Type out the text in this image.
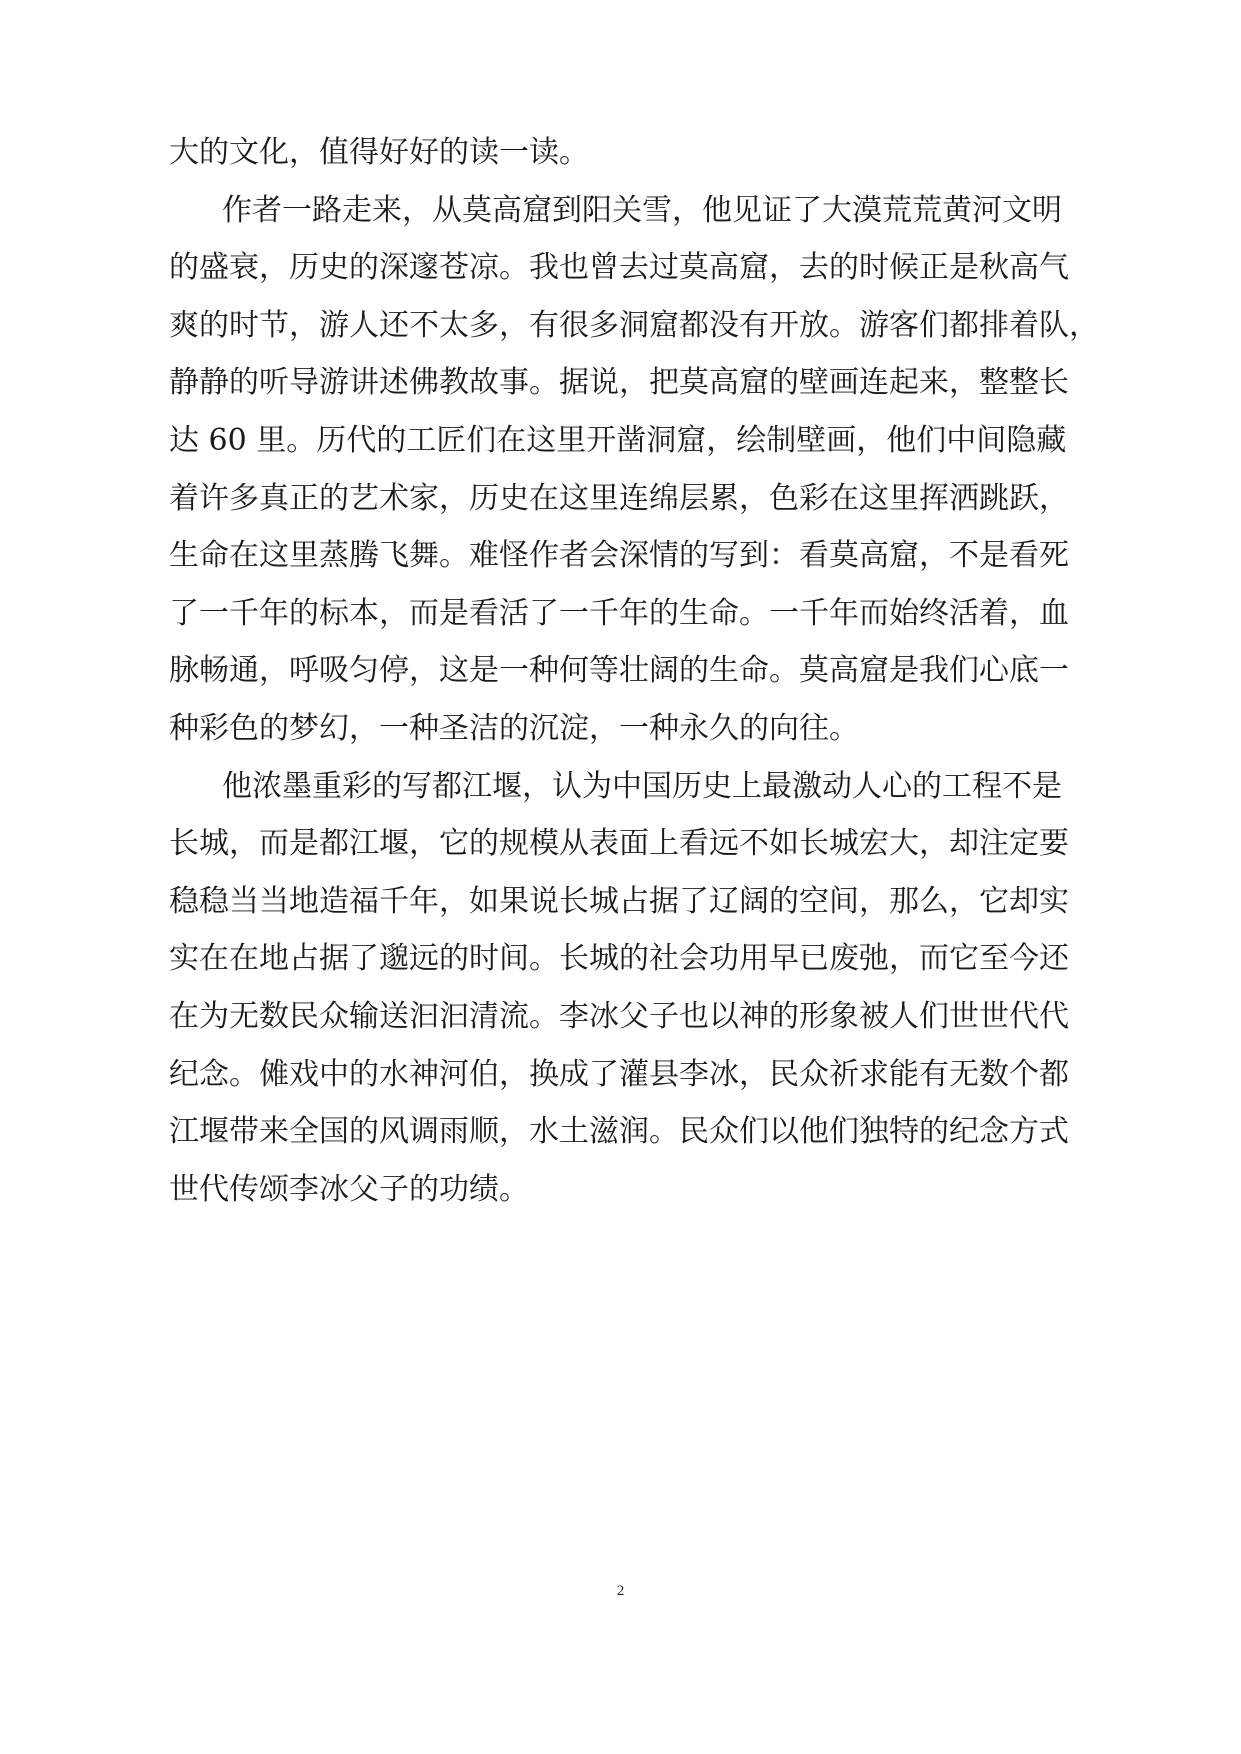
大的文化，值得好好的读一读。
作者一路走来，从莫高窟到阳关雪，他见证了大漠荒荒黄河文明
的盛衰，历史的深邃苍凉。我也曾去过莫高窟，去的时候正是秋高气
爽的时节，游人还不太多，有很多洞窟都没有开放。游客们都排着队，
静静的听导游讲述佛教故事。据说，把莫高窟的壁画连起来，整整长
达 60 里。历代的工匠们在这里开凿洞窟，绘制壁画，他们中间隐藏
着许多真正的艺术家，历史在这里连绵层累，色彩在这里挥洒跳跃，
生命在这里蒸腾飞舞。难怪作者会深情的写到：看莫高窟，不是看死
了一千年的标本，而是看活了一千年的生命。一千年而始终活着，血
脉畅通，呼吸匀停，这是一种何等壮阔的生命。莫高窟是我们心底一
种彩色的梦幻，一种圣洁的沉淀，一种永久的向往。
他浓墨重彩的写都江堰，认为中国历史上最激动人心的工程不是
长城，而是都江堰，它的规模从表面上看远不如长城宏大，却注定要
稳稳当当地造福千年，如果说长城占据了辽阔的空间，那么，它却实
实在在地占据了邈远的时间。长城的社会功用早已废弛，而它至今还
在为无数民众输送汩汩清流。李冰父子也以神的形象被人们世世代代
纪念。傩戏中的水神河伯，换成了灌县李冰，民众祈求能有无数个都
江堰带来全国的风调雨顺，水土滋润。民众们以他们独特的纪念方式
世代传颂李冰父子的功绩。
2
